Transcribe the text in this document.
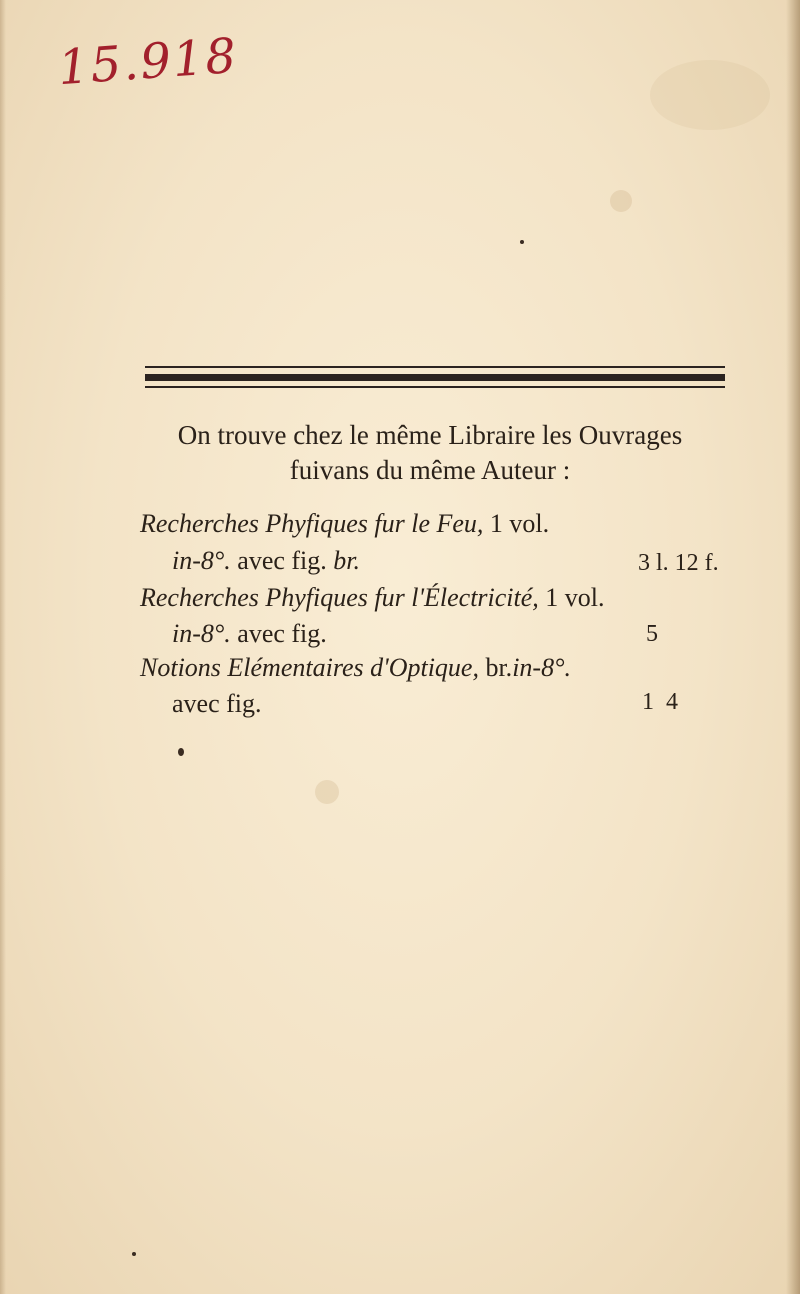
15.918
On trouve chez le même Libraire les Ouvrages
fuivans du même Auteur :
Recherches Phyfiques fur le Feu, 1 vol.
in-8°. avec fig. br.	3 l. 12 f.
Recherches Phyfiques fur l'Électricité, 1 vol.
in-8°. avec fig.	5
Notions Elémentaires d'Optique, br.in-8°.
avec fig.	1  4
